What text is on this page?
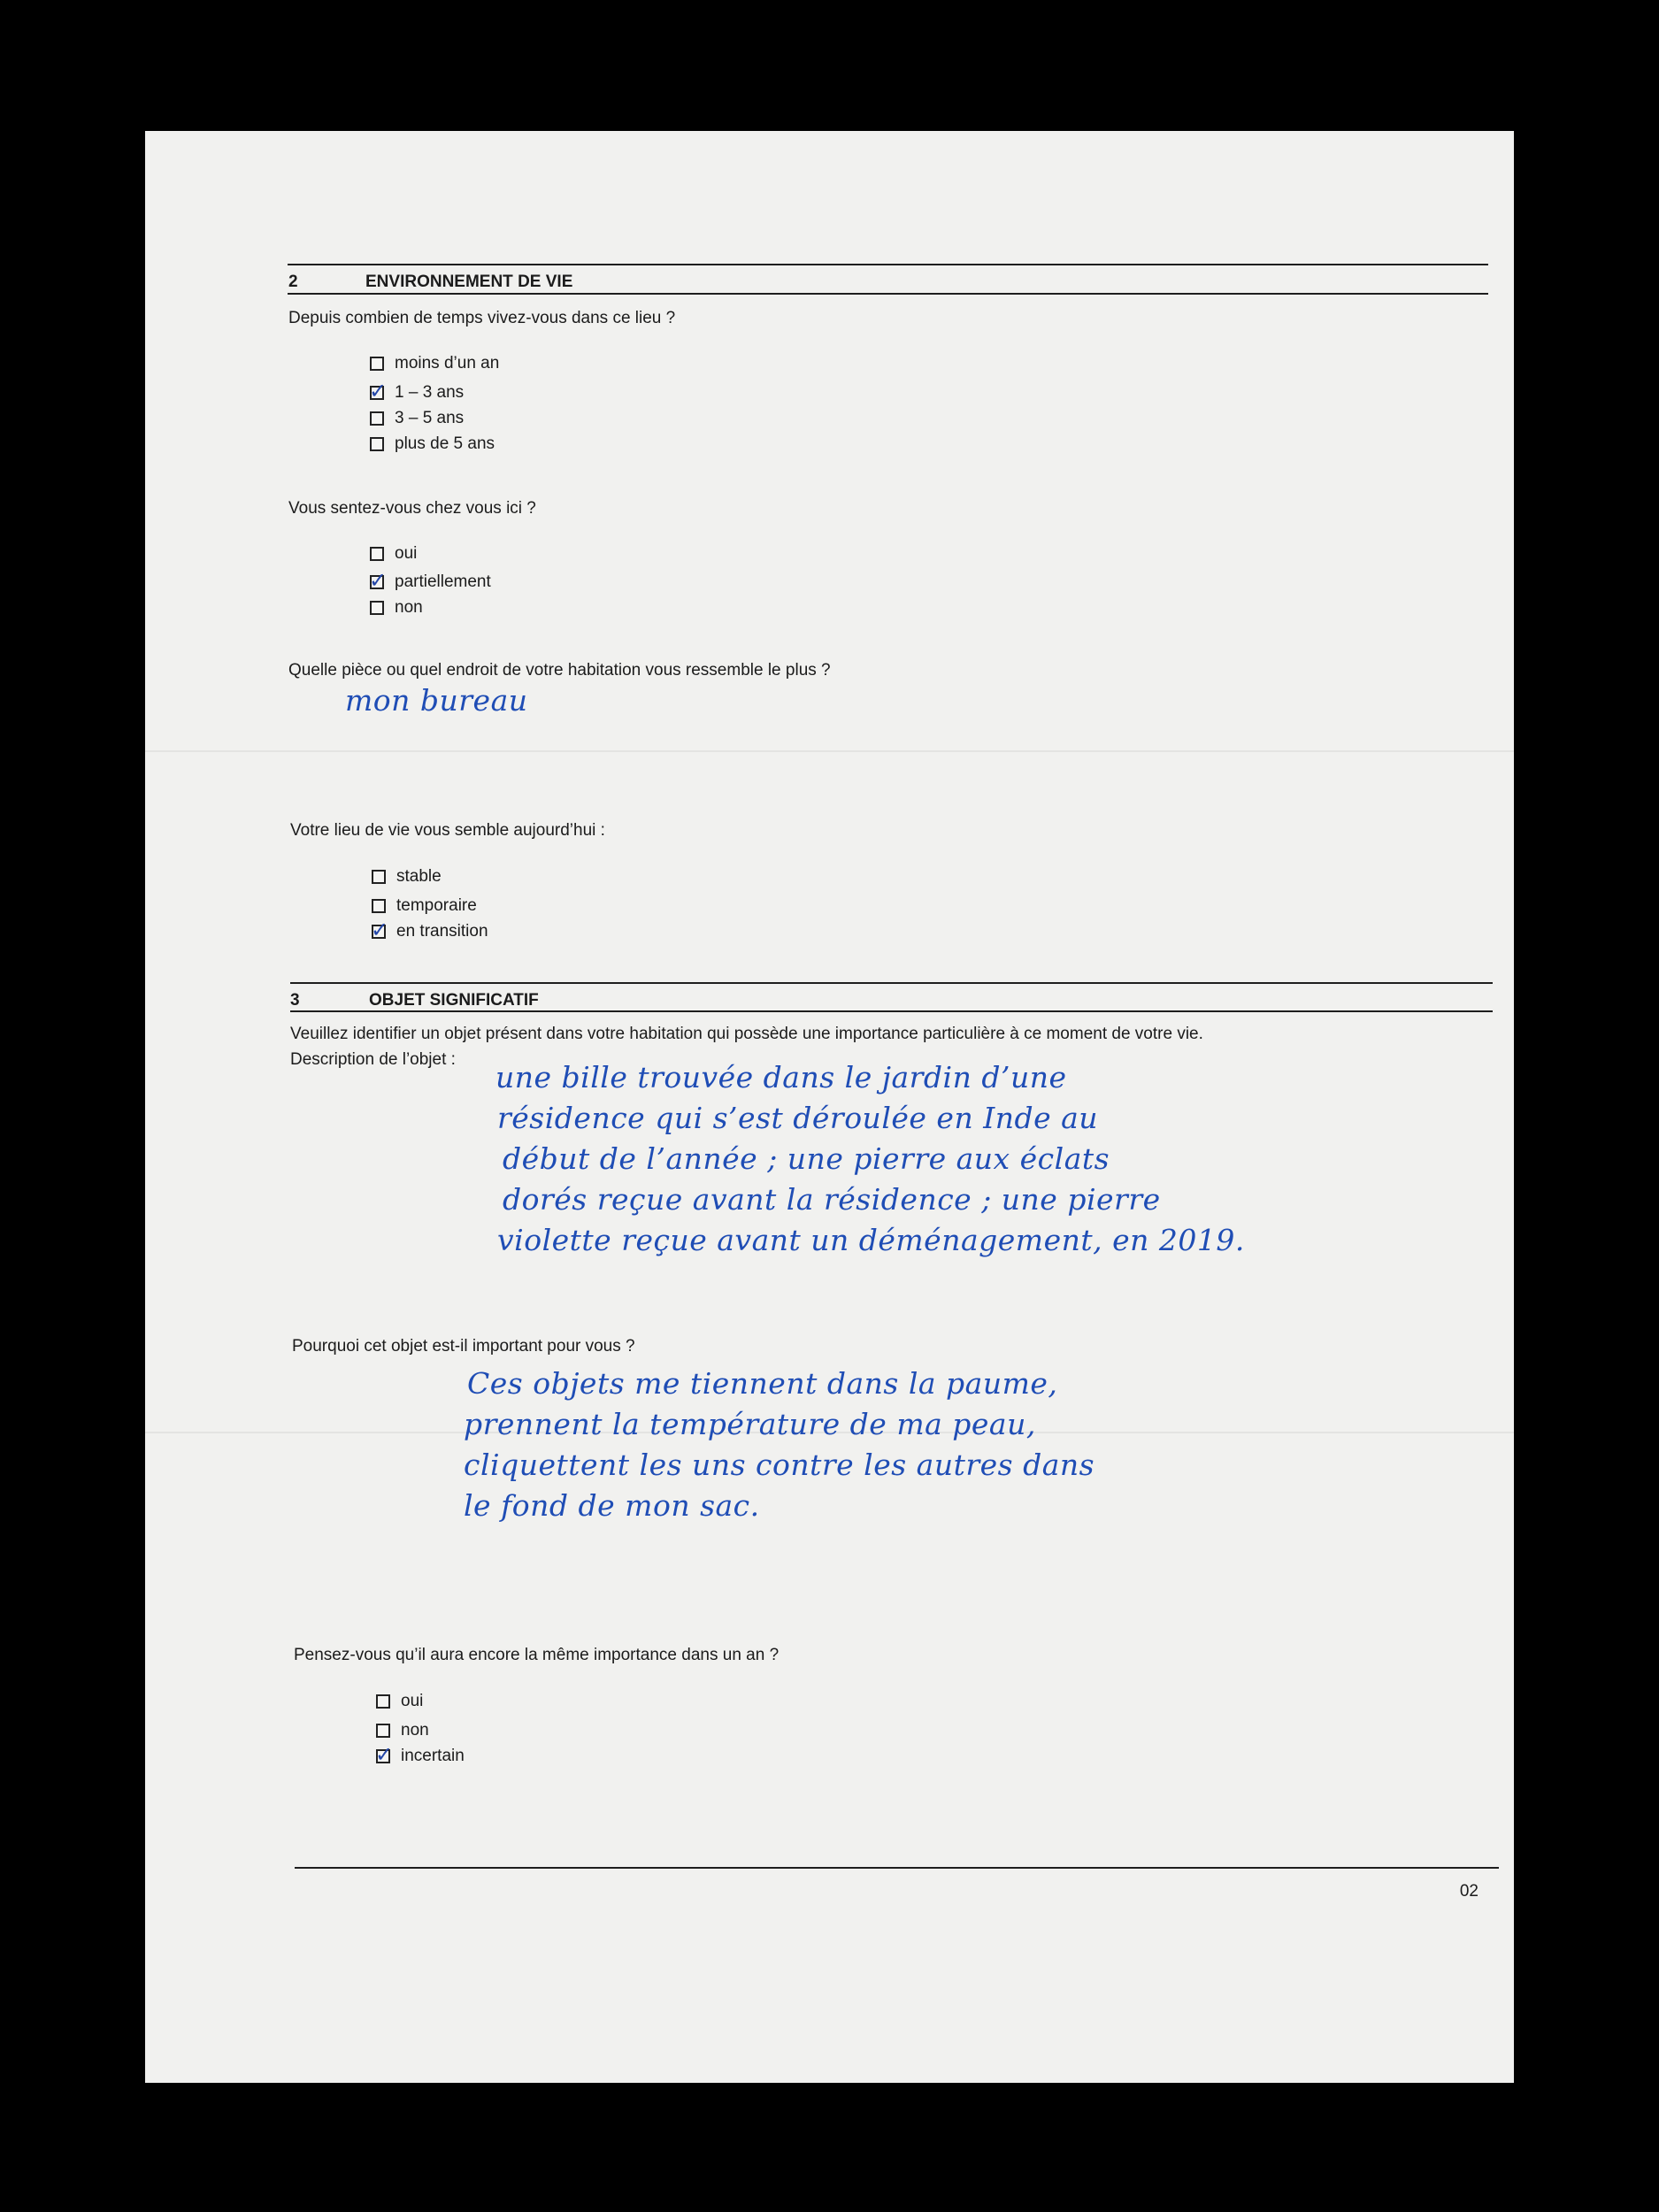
2	ENVIRONNEMENT DE VIE
Depuis combien de temps vivez-vous dans ce lieu ?
moins d’un an
✓ 1 – 3 ans
3 – 5 ans
plus de 5 ans
Vous sentez-vous chez vous ici ?
oui
✓ partiellement
non
Quelle pièce ou quel endroit de votre habitation vous ressemble le plus ?
mon bureau
Votre lieu de vie vous semble aujourd’hui :
stable
temporaire
✓ en transition
3	OBJET SIGNIFICATIF
Veuillez identifier un objet présent dans votre habitation qui possède une importance particulière à ce moment de votre vie.
Description de l’objet :
une bille trouvée dans le jardin d’une
résidence qui s’est déroulée en Inde au
début de l’année ; une pierre aux éclats
dorés reçue avant la résidence ; une pierre
violette reçue avant un déménagement, en 2019.
Pourquoi cet objet est-il important pour vous ?
Ces objets me tiennent dans la paume,
prennent la température de ma peau,
cliquettent les uns contre les autres dans
le fond de mon sac.
Pensez-vous qu’il aura encore la même importance dans un an ?
oui
non
✓ incertain
02
